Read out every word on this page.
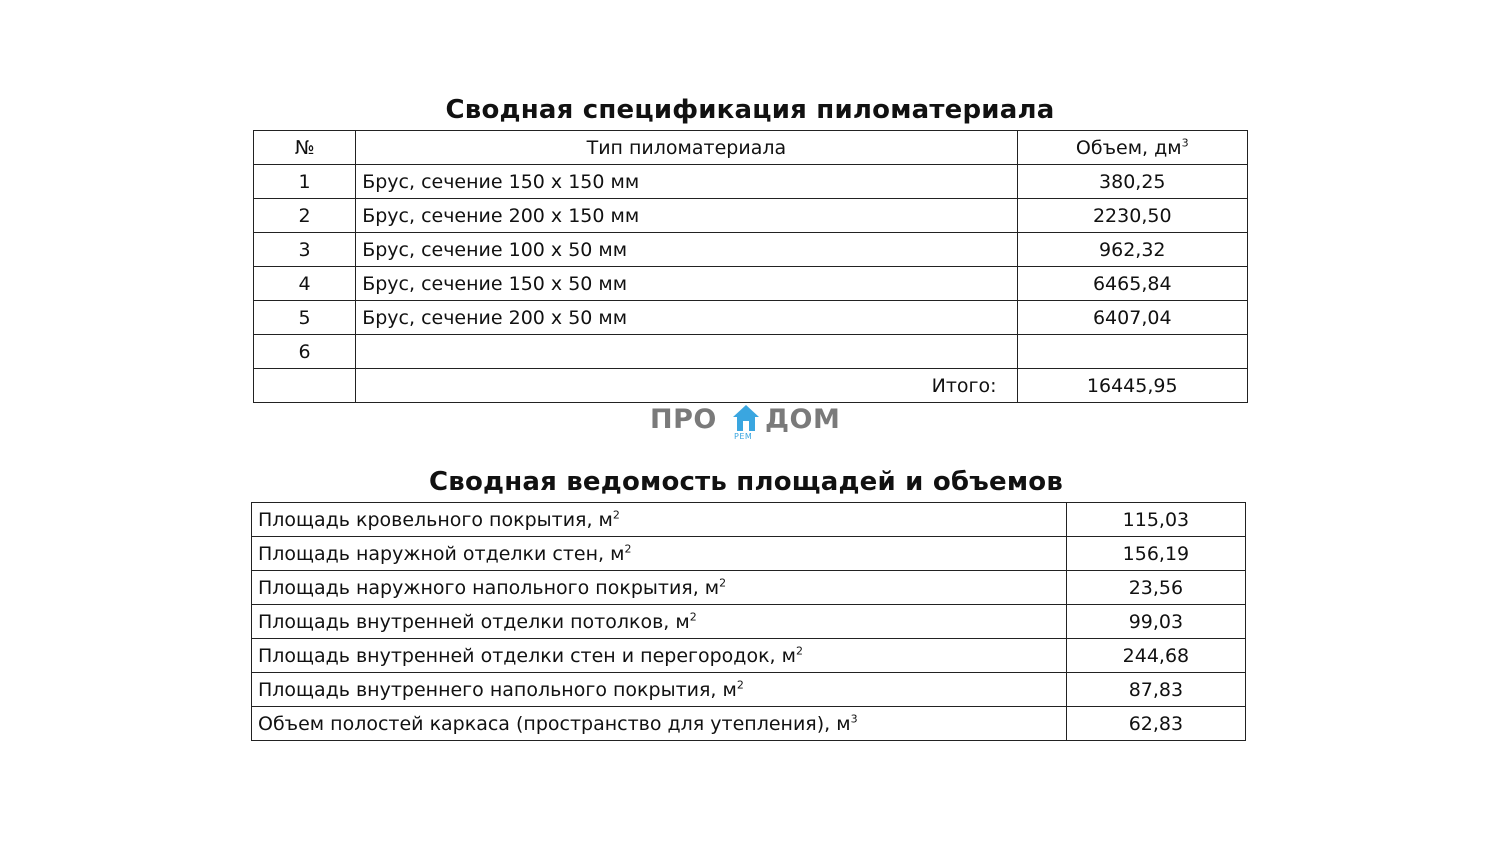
Сводная спецификация пиломатериала
№	Тип пиломатериала	Объем, $дм^3$
1	Брус, сечение 150 х 150 мм	380,25
2	Брус, сечение 200 х 150 мм	2230,50
3	Брус, сечение 100 х 50 мм	962,32
4	Брус, сечение 150 х 50 мм	6465,84
5	Брус, сечение 200 х 50 мм	6407,04
6		
	Итого:	16445,95
ПРО
РЕМ
ДОМ
Сводная ведомость площадей и объемов
Площадь кровельного покрытия, $м^2$	115,03
Площадь наружной отделки стен, $м^2$	156,19
Площадь наружного напольного покрытия, $м^2$	23,56
Площадь внутренней отделки потолков, $м^2$	99,03
Площадь внутренней отделки стен и перегородок, $м^2$	244,68
Площадь внутреннего напольного покрытия, $м^2$	87,83
Объем полостей каркаса (пространство для утепления), $м^3$	62,83
